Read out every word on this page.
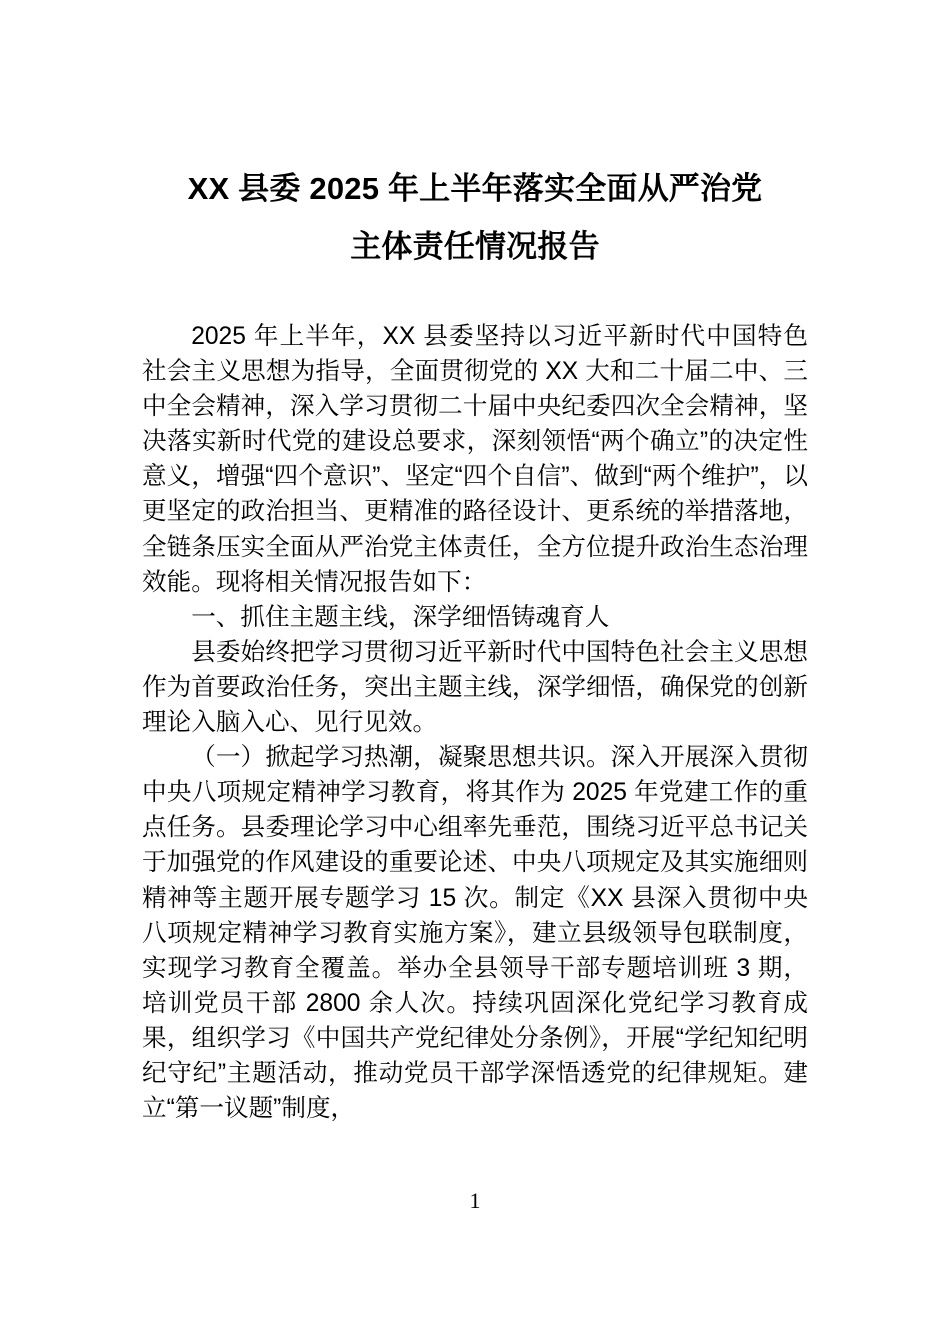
XX 县委 2025 年上半年落实全面从严治党
主体责任情况报告

2025 年上半年，XX 县委坚持以习近平新时代中国特色社会主义思想为指导，全面贯彻党的 XX 大和二十届二中、三中全会精神，深入学习贯彻二十届中央纪委四次全会精神，坚决落实新时代党的建设总要求，深刻领悟“两个确立”的决定性意义，增强“四个意识”、坚定“四个自信”、做到“两个维护”，以更坚定的政治担当、更精准的路径设计、更系统的举措落地，全链条压实全面从严治党主体责任，全方位提升政治生态治理效能。现将相关情况报告如下：

一、抓住主题主线，深学细悟铸魂育人

县委始终把学习贯彻习近平新时代中国特色社会主义思想作为首要政治任务，突出主题主线，深学细悟，确保党的创新理论入脑入心、见行见效。

（一）掀起学习热潮，凝聚思想共识。深入开展深入贯彻中央八项规定精神学习教育，将其作为 2025 年党建工作的重点任务。县委理论学习中心组率先垂范，围绕习近平总书记关于加强党的作风建设的重要论述、中央八项规定及其实施细则精神等主题开展专题学习 15 次。制定《XX 县深入贯彻中央八项规定精神学习教育实施方案》，建立县级领导包联制度，实现学习教育全覆盖。举办全县领导干部专题培训班 3 期，培训党员干部 2800 余人次。持续巩固深化党纪学习教育成果，组织学习《中国共产党纪律处分条例》，开展“学纪知纪明纪守纪”主题活动，推动党员干部学深悟透党的纪律规矩。建立“第一议题”制度，

1
